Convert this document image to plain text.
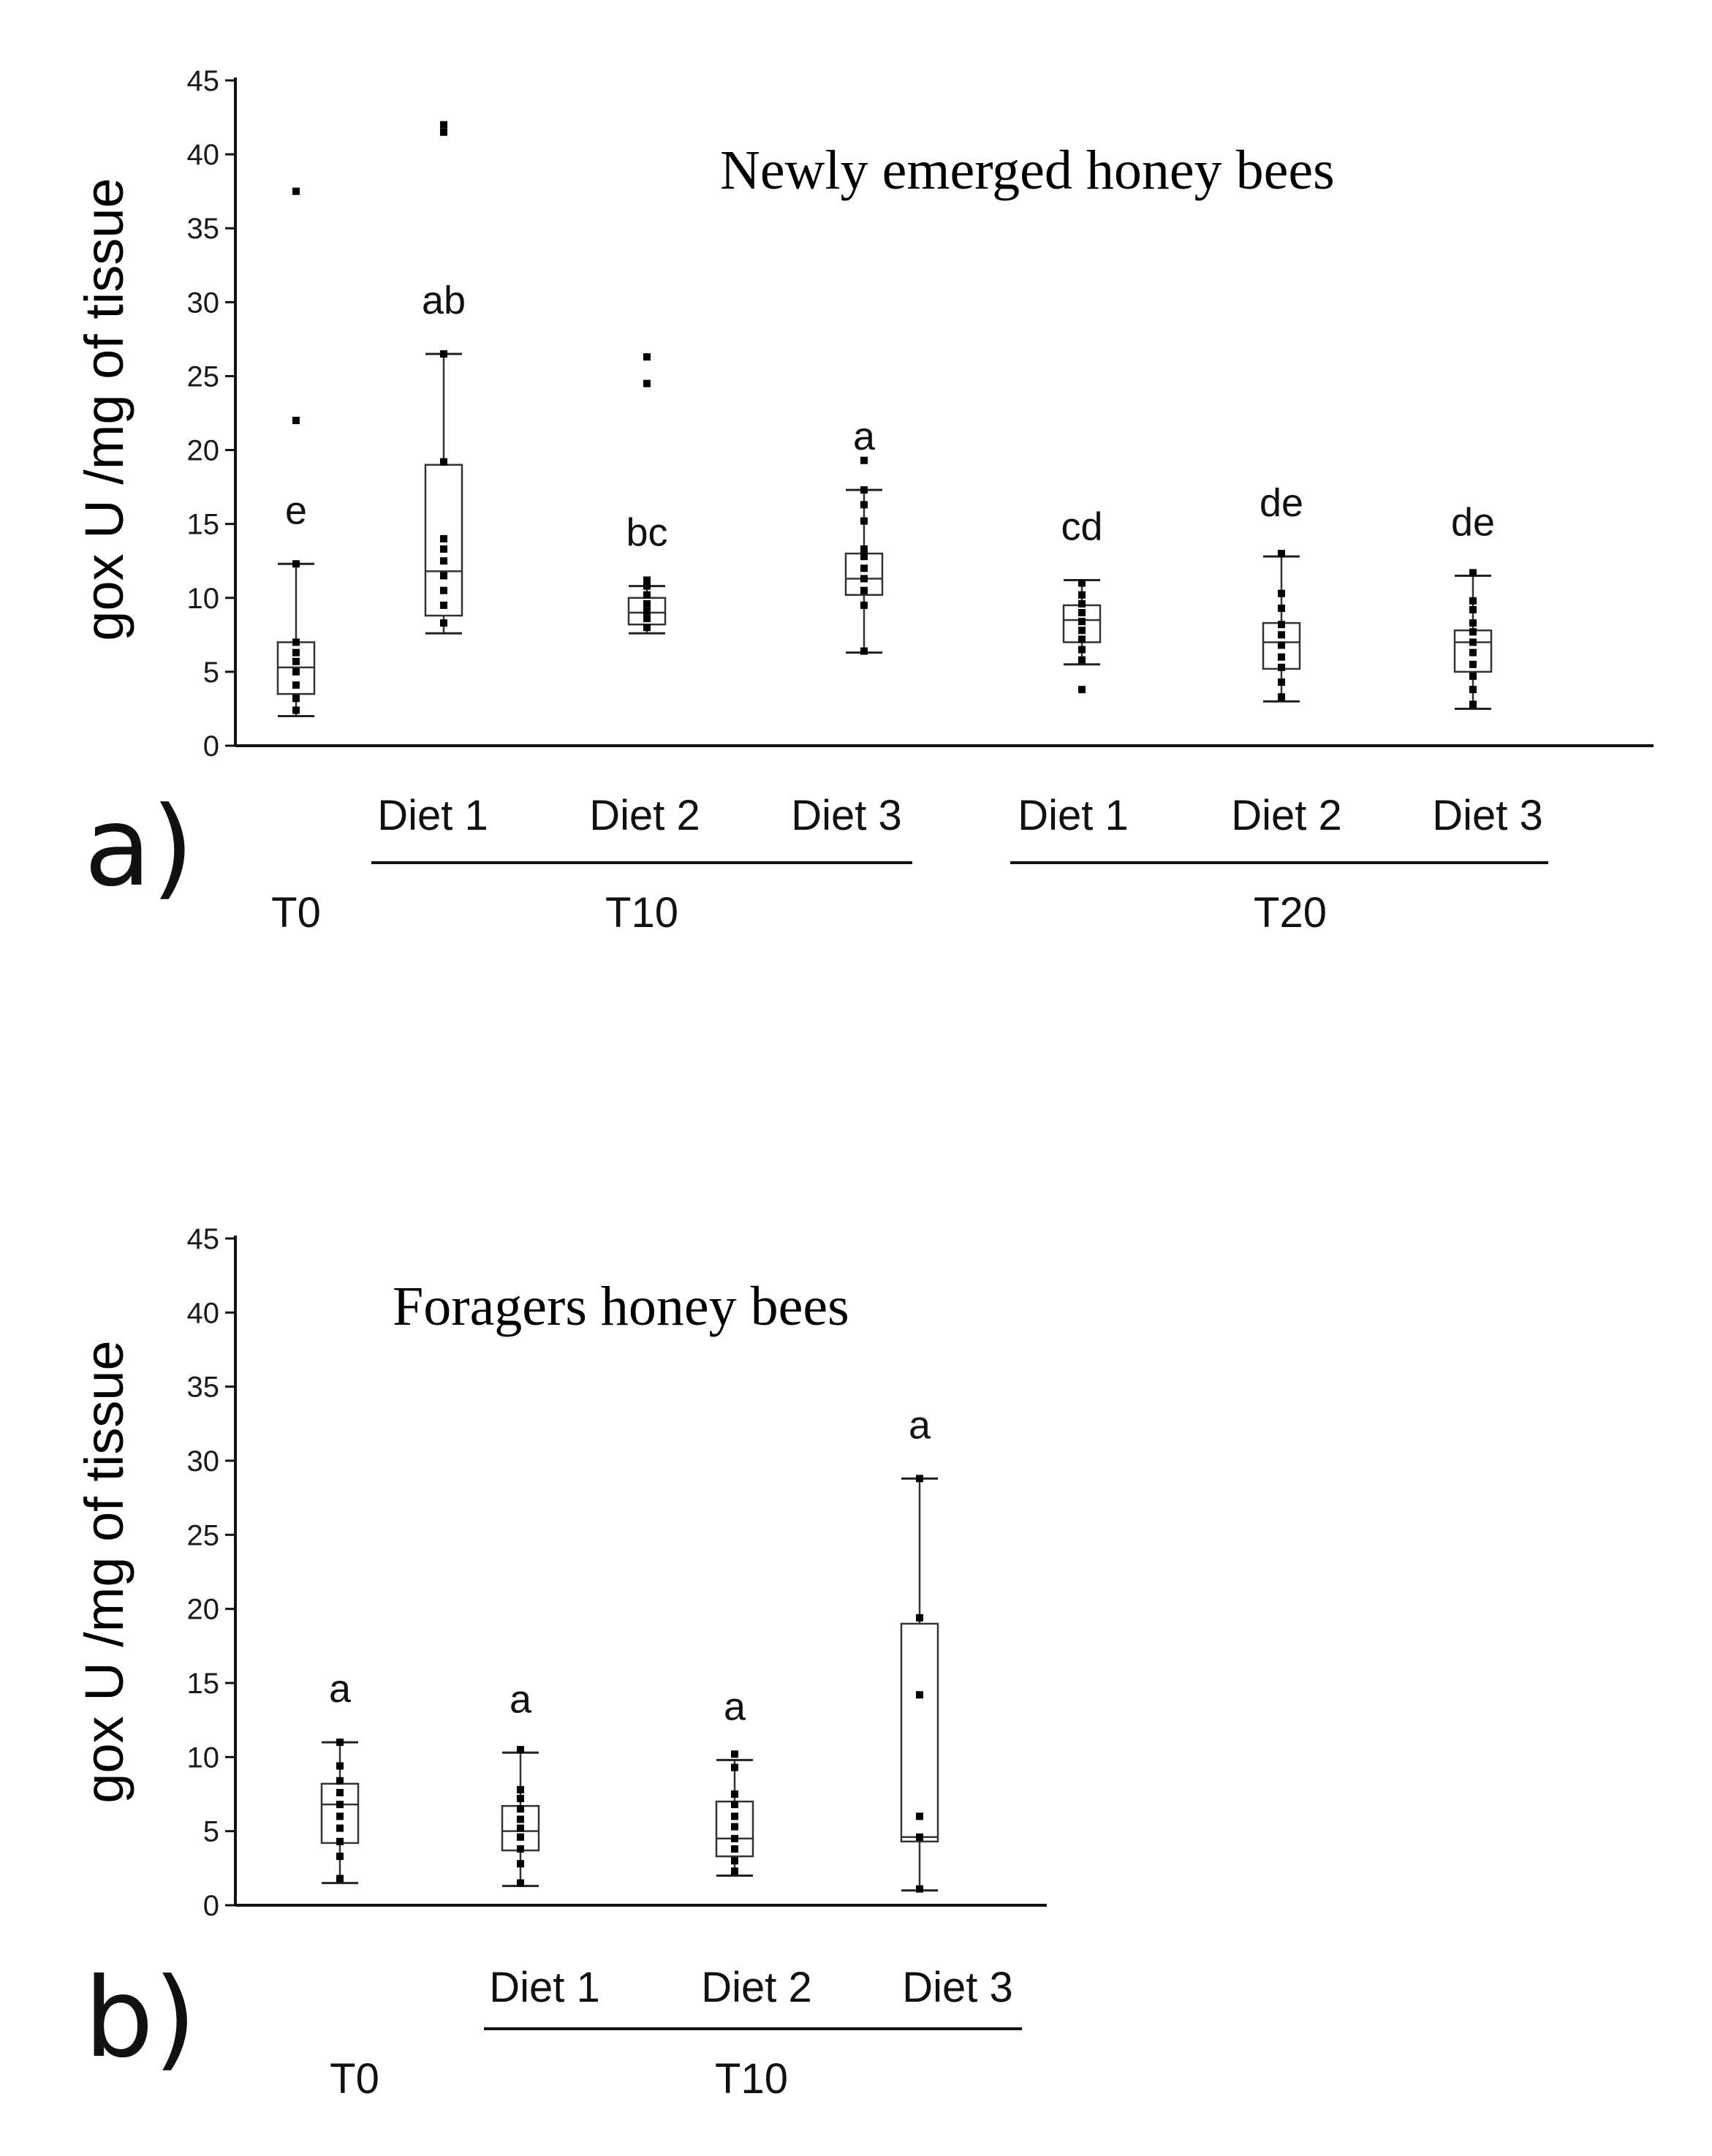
0
5
10
15
20
25
30
35
40
45
gox U /mg of tissue
Newly emerged honey bees
e
ab
bc
a
cd
de	de
T0
Diet 1 Diet 2 Diet 3
T10
Diet 1 Diet 2 Diet 3
T20
a)
0
5
10
15
20
25
30
35
40
45
gox U /mg of tissue
Foragers honey bees
a	a	a
a
T0
Diet 1 Diet 2 Diet 3
T10
b)
